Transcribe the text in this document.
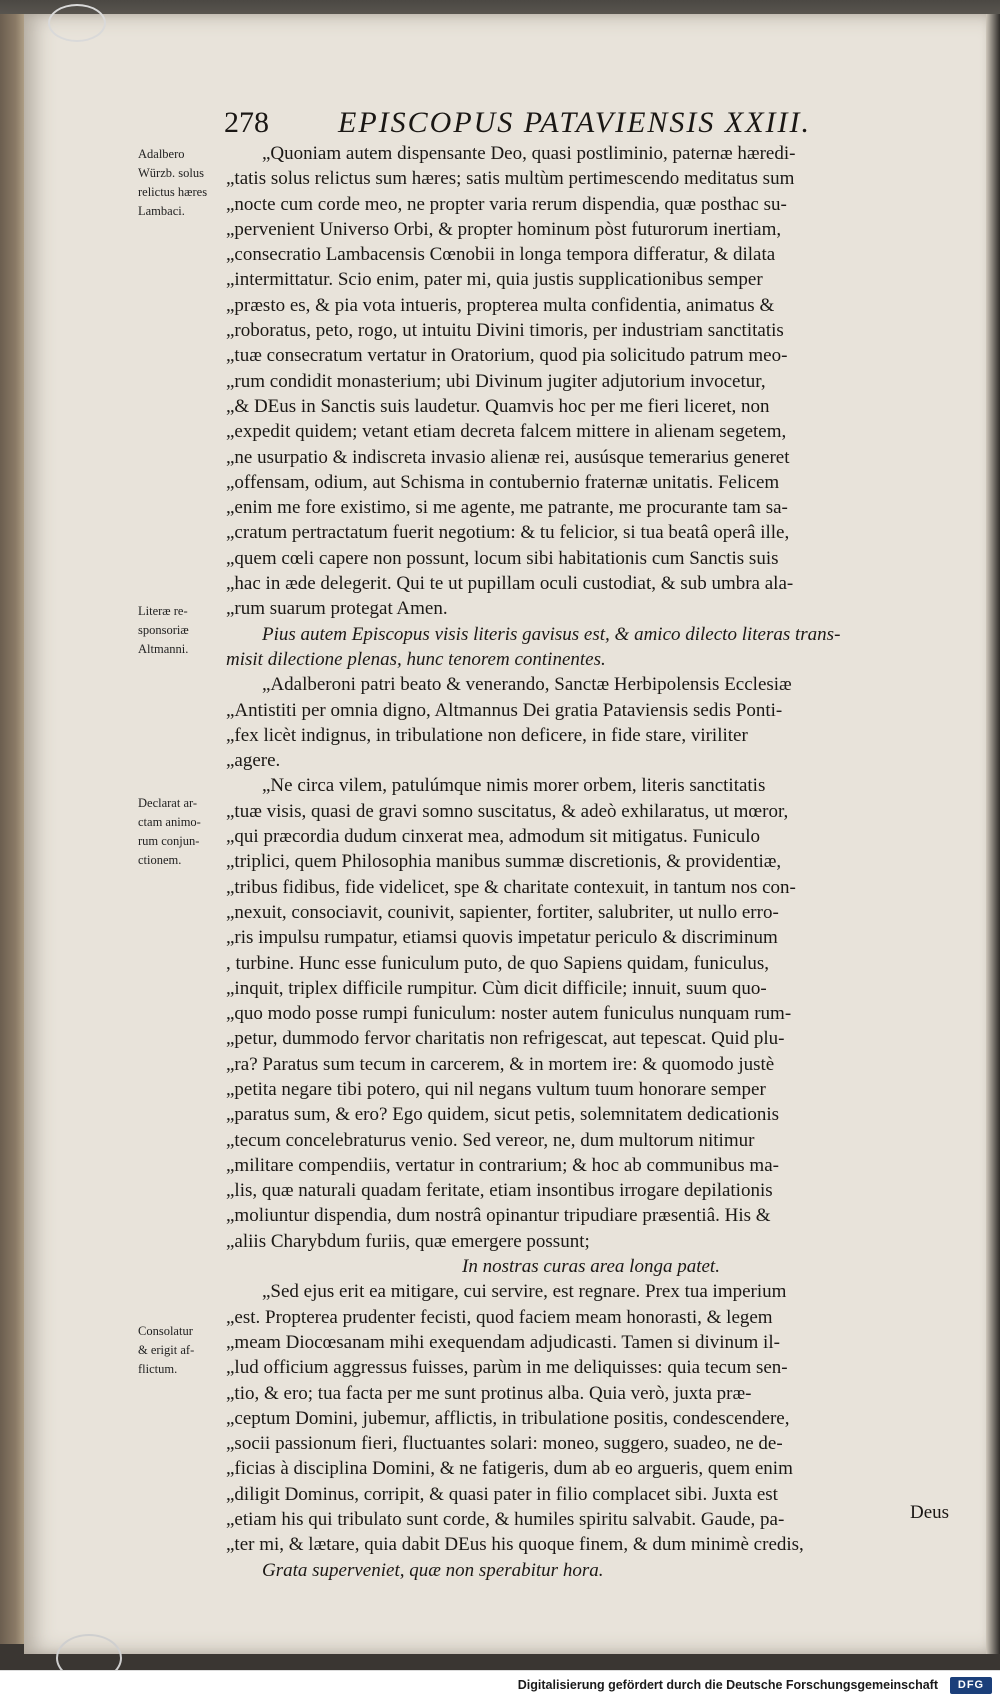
278 EPISCOPUS PATAVIENSIS XXIII.
Adalbero
Würzb. solus
relictus hæres
Lambaci.
Literæ re-
sponsoriæ
Altmanni.
Declarat ar-
ctam animo-
rum conjun-
ctionem.
Consolatur
& erigit af-
flictum.
„Quoniam autem dispensante Deo, quasi postliminio, paternæ hæredi-
„tatis solus relictus sum hæres; satis multùm pertimescendo meditatus sum
„nocte cum corde meo, ne propter varia rerum dispendia, quæ posthac su-
„pervenient Universo Orbi, & propter hominum pòst futurorum inertiam,
„consecratio Lambacensis Cœnobii in longa tempora differatur, & dilata
„intermittatur. Scio enim, pater mi, quia justis supplicationibus semper
„præsto es, & pia vota intueris, propterea multa confidentia, animatus &
„roboratus, peto, rogo, ut intuitu Divini timoris, per industriam sanctitatis
„tuæ consecratum vertatur in Oratorium, quod pia solicitudo patrum meo-
„rum condidit monasterium; ubi Divinum jugiter adjutorium invocetur,
„& DEus in Sanctis suis laudetur. Quamvis hoc per me fieri liceret, non
„expedit quidem; vetant etiam decreta falcem mittere in alienam segetem,
„ne usurpatio & indiscreta invasio alienæ rei, ausúsque temerarius generet
„offensam, odium, aut Schisma in contubernio fraternæ unitatis. Felicem
„enim me fore existimo, si me agente, me patrante, me procurante tam sa-
„cratum pertractatum fuerit negotium: & tu felicior, si tua beatâ operâ ille,
„quem cœli capere non possunt, locum sibi habitationis cum Sanctis suis
„hac in æde delegerit. Qui te ut pupillam oculi custodiat, & sub umbra ala-
„rum suarum protegat Amen.
Pius autem Episcopus visis literis gavisus est, & amico dilecto literas trans-
misit dilectione plenas, hunc tenorem continentes.
„Adalberoni patri beato & venerando, Sanctæ Herbipolensis Ecclesiæ
„Antistiti per omnia digno, Altmannus Dei gratia Pataviensis sedis Ponti-
„fex licèt indignus, in tribulatione non deficere, in fide stare, viriliter
„agere.
„Ne circa vilem, patulúmque nimis morer orbem, literis sanctitatis
„tuæ visis, quasi de gravi somno suscitatus, & adeò exhilaratus, ut mœror,
„qui præcordia dudum cinxerat mea, admodum sit mitigatus. Funiculo
„triplici, quem Philosophia manibus summæ discretionis, & providentiæ,
„tribus fidibus, fide videlicet, spe & charitate contexuit, in tantum nos con-
„nexuit, consociavit, counivit, sapienter, fortiter, salubriter, ut nullo erro-
„ris impulsu rumpatur, etiamsi quovis impetatur periculo & discriminum
, turbine. Hunc esse funiculum puto, de quo Sapiens quidam, funiculus,
„inquit, triplex difficile rumpitur. Cùm dicit difficile; innuit, suum quo-
„quo modo posse rumpi funiculum: noster autem funiculus nunquam rum-
„petur, dummodo fervor charitatis non refrigescat, aut tepescat. Quid plu-
„ra? Paratus sum tecum in carcerem, & in mortem ire: & quomodo justè
„petita negare tibi potero, qui nil negans vultum tuum honorare semper
„paratus sum, & ero? Ego quidem, sicut petis, solemnitatem dedicationis
„tecum concelebraturus venio. Sed vereor, ne, dum multorum nitimur
„militare compendiis, vertatur in contrarium; & hoc ab communibus ma-
„lis, quæ naturali quadam feritate, etiam insontibus irrogare depilationis
„moliuntur dispendia, dum nostrâ opinantur tripudiare præsentiâ. His &
„aliis Charybdum furiis, quæ emergere possunt;
In nostras curas area longa patet.
„Sed ejus erit ea mitigare, cui servire, est regnare. Prex tua imperium
„est. Propterea prudenter fecisti, quod faciem meam honorasti, & legem
„meam Diocœsanam mihi exequendam adjudicasti. Tamen si divinum il-
„lud officium aggressus fuisses, parùm in me deliquisses: quia tecum sen-
„tio, & ero; tua facta per me sunt protinus alba. Quia verò, juxta præ-
„ceptum Domini, jubemur, afflictis, in tribulatione positis, condescendere,
„socii passionum fieri, fluctuantes solari: moneo, suggero, suadeo, ne de-
„ficias à disciplina Domini, & ne fatigeris, dum ab eo argueris, quem enim
„diligit Dominus, corripit, & quasi pater in filio complacet sibi. Juxta est
„etiam his qui tribulato sunt corde, & humiles spiritu salvabit. Gaude, pa-
„ter mi, & lætare, quia dabit DEus his quoque finem, & dum minimè credis,
Grata superveniet, quæ non sperabitur hora.
Deus
Digitalisierung gefördert durch die Deutsche Forschungsgemeinschaft	DFG
